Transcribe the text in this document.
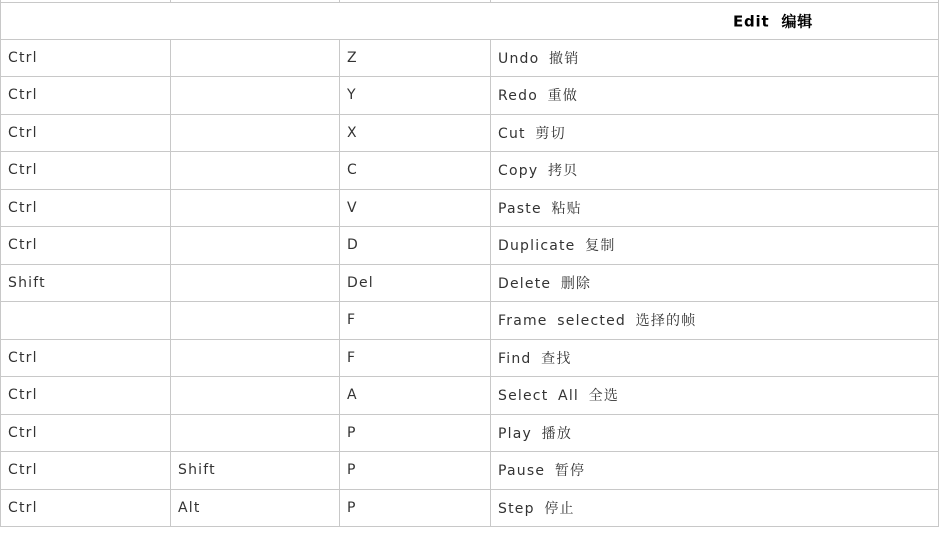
Edit 编辑			

Ctrl		Z	Undo 撤销
Ctrl		Y	Redo 重做
Ctrl		X	Cut 剪切
Ctrl		C	Copy 拷贝
Ctrl		V	Paste 粘贴
Ctrl		D	Duplicate 复制
Shift		Del	Delete 删除
		F	Frame selected 选择的帧
Ctrl		F	Find 查找
Ctrl		A	Select All 全选
Ctrl		P	Play 播放
Ctrl	Shift	P	Pause 暂停
Ctrl	Alt	P	Step 停止
